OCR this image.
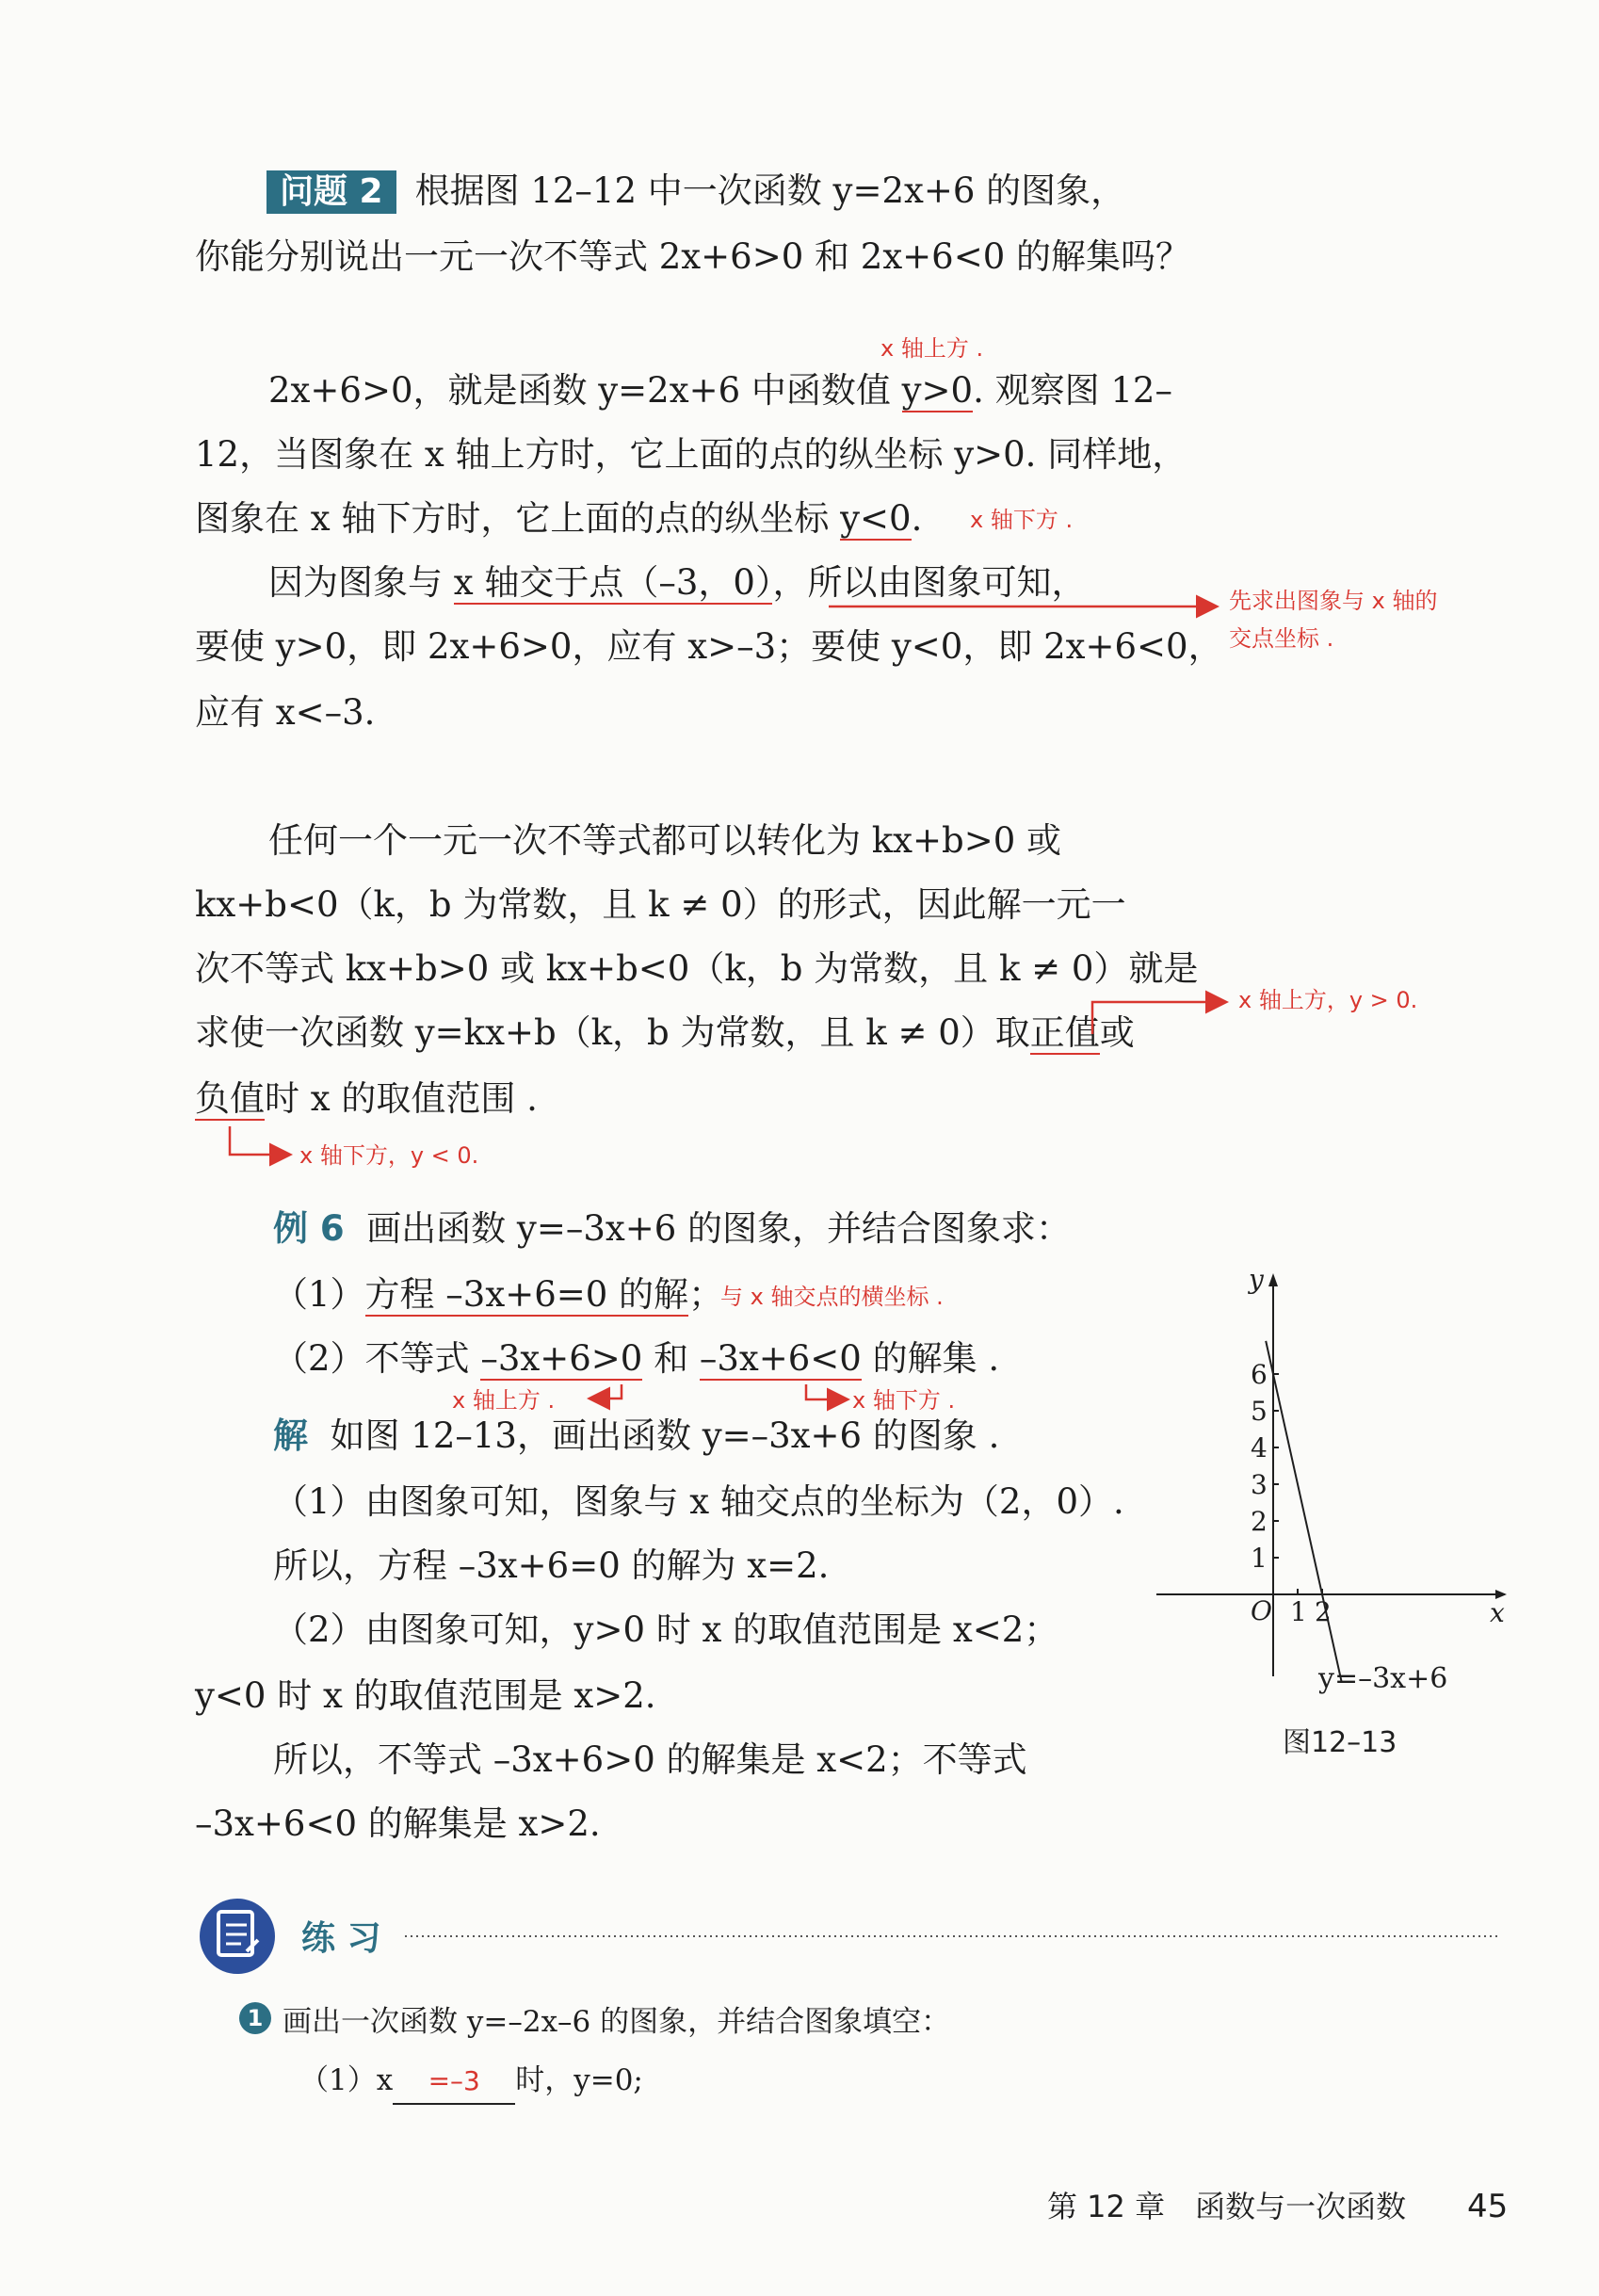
问题 2 根据图 12–12 中一次函数 y=2x+6 的图象，
你能分别说出一元一次不等式 2x+6>0 和 2x+6<0 的解集吗？
x 轴上方 .
2x+6>0，就是函数 y=2x+6 中函数值 y>0. 观察图 12–
12，当图象在 x 轴上方时，它上面的点的纵坐标 y>0. 同样地，
图象在 x 轴下方时，它上面的点的纵坐标 y<0. x 轴下方 .
因为图象与 x 轴交于点（–3，0），所以由图象可知，	先求出图象与 x 轴的
交点坐标 .
要使 y>0，即 2x+6>0，应有 x>–3；要使 y<0，即 2x+6<0，
应有 x<–3.
任何一个一元一次不等式都可以转化为 kx+b>0 或
kx+b<0（k，b 为常数，且 k ≠ 0）的形式，因此解一元一
次不等式 kx+b>0 或 kx+b<0（k，b 为常数，且 k ≠ 0）就是
x 轴上方，y > 0.
求使一次函数 y=kx+b（k，b 为常数，且 k ≠ 0）取正值或
负值时 x 的取值范围 .
x 轴下方，y < 0.
例 6 画出函数 y=–3x+6 的图象，并结合图象求：
（1）方程 –3x+6=0 的解；
与 x 轴交点的横坐标 .
（2）不等式 –3x+6>0 和 –3x+6<0 的解集 .
x 轴上方 .	x 轴下方 .
解 如图 12–13，画出函数 y=–3x+6 的图象 .
（1）由图象可知，图象与 x 轴交点的坐标为（2，0）.
所以，方程 –3x+6=0 的解为 x=2.
（2）由图象可知，y>0 时 x 的取值范围是 x<2；
y<0 时 x 的取值范围是 x>2.
所以，不等式 –3x+6>0 的解集是 x<2；不等式
–3x+6<0 的解集是 x>2.
y=–3x+6
图12–13
练 习
画出一次函数 y=–2x–6 的图象，并结合图象填空：
1
（1）x =–3 时，y=0;
第 12 章　函数与一次函数 45
1
2
3
4
5
6
1 2
O	x
y
